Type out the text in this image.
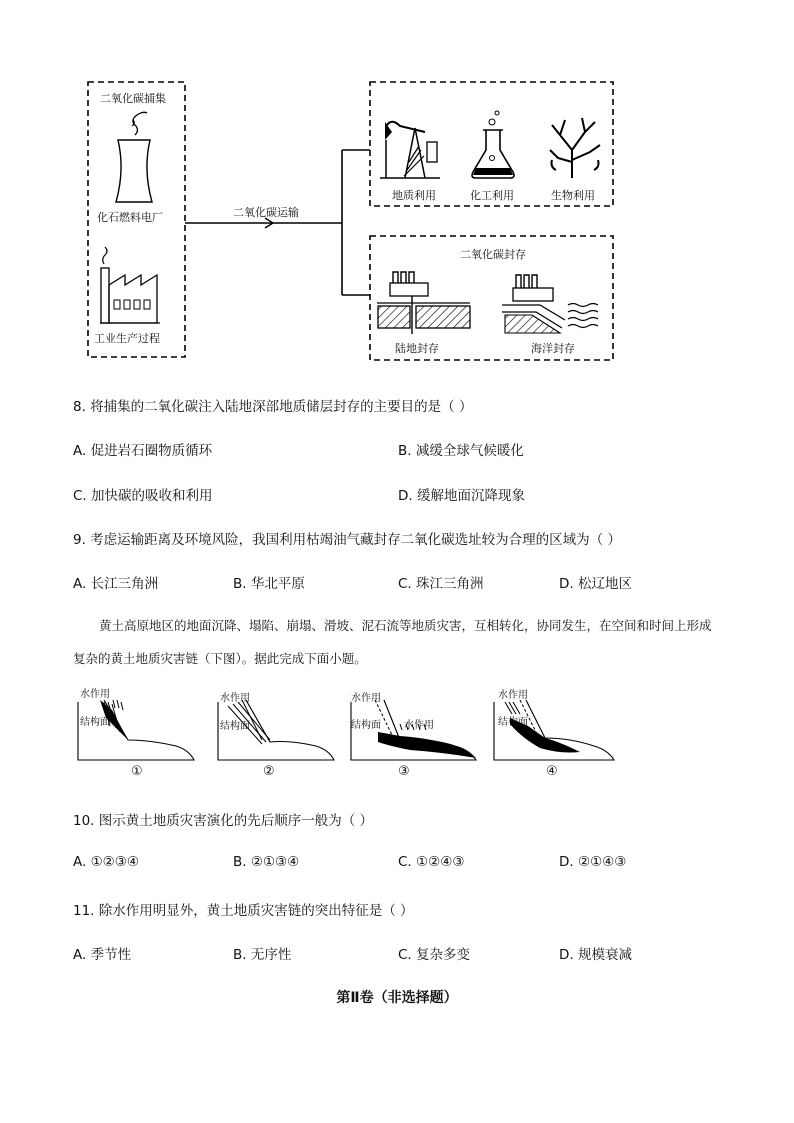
二氧化碳捕集
化石燃料电厂
工业生产过程
二氧化碳运输
地质利用	化工利用	生物利用
二氧化碳封存
陆地封存	海洋封存
8. 将捕集的二氧化碳注入陆地深部地质储层封存的主要目的是（ ）
A. 促进岩石圈物质循环	B. 减缓全球气候暖化
C. 加快碳的吸收和利用	D. 缓解地面沉降现象
9. 考虑运输距离及环境风险，我国利用枯竭油气藏封存二氧化碳选址较为合理的区域为（ ）
A. 长江三角洲	B. 华北平原	C. 珠江三角洲	D. 松辽地区
黄土高原地区的地面沉降、塌陷、崩塌、滑坡、泥石流等地质灾害，互相转化，协同发生，在空间和时间上形成复杂的黄土地质灾害链（下图）。据此完成下面小题。
水作用
结构面
水作用
结构面
水作用
结构面 水作用
水作用
结构面
①	②	③	④
10. 图示黄土地质灾害演化的先后顺序一般为（ ）
A. ①②③④	B. ②①③④	C. ①②④③	D. ②①④③
11. 除水作用明显外，黄土地质灾害链的突出特征是（ ）
A. 季节性	B. 无序性	C. 复杂多变	D. 规模衰减
第Ⅱ卷（非选择题）
